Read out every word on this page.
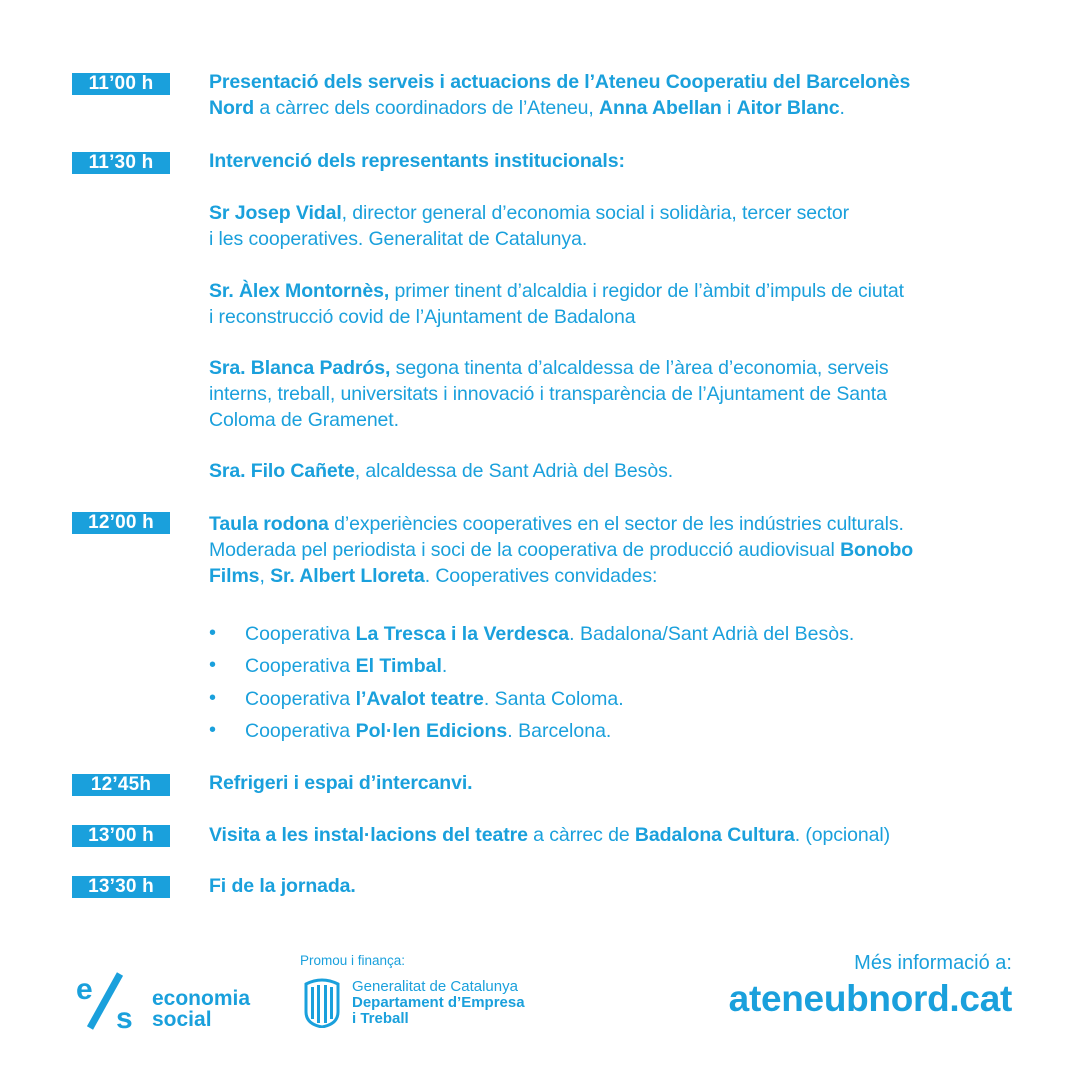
11’00 h	Presentació dels serveis i actuacions de l’Ateneu Cooperatiu del Barcelonès
Nord a càrrec dels coordinadors de l’Ateneu, Anna Abellan i Aitor Blanc.
11’30 h	Intervenció dels representants institucionals:
Sr Josep Vidal, director general d’economia social i solidària, tercer sector
i les cooperatives. Generalitat de Catalunya.
Sr. Àlex Montornès, primer tinent d’alcaldia i regidor de l’àmbit d’impuls de ciutat
i reconstrucció covid de l’Ajuntament de Badalona
Sra. Blanca Padrós, segona tinenta d’alcaldessa de l’àrea d’economia, serveis
interns, treball, universitats i innovació i transparència de l’Ajuntament de Santa
Coloma de Gramenet.
Sra. Filo Cañete, alcaldessa de Sant Adrià del Besòs.
12’00 h	Taula rodona d’experiències cooperatives en el sector de les indústries culturals.
Moderada pel periodista i soci de la cooperativa de producció audiovisual Bonobo
Films, Sr. Albert Lloreta. Cooperatives convidades:
• Cooperativa La Tresca i la Verdesca. Badalona/Sant Adrià del Besòs.
• Cooperativa El Timbal.
• Cooperativa l’Avalot teatre. Santa Coloma.
• Cooperativa Pol·len Edicions. Barcelona.
12’45h	Refrigeri i espai d’intercanvi.
13’00 h	Visita a les instal·lacions del teatre a càrrec de Badalona Cultura. (opcional)
13’30 h	Fi de la jornada.
e
s
economia
social
Promou i finança:
Generalitat de Catalunya
Departament d’Empresa
i Treball
Més informació a:
ateneubnord.cat
